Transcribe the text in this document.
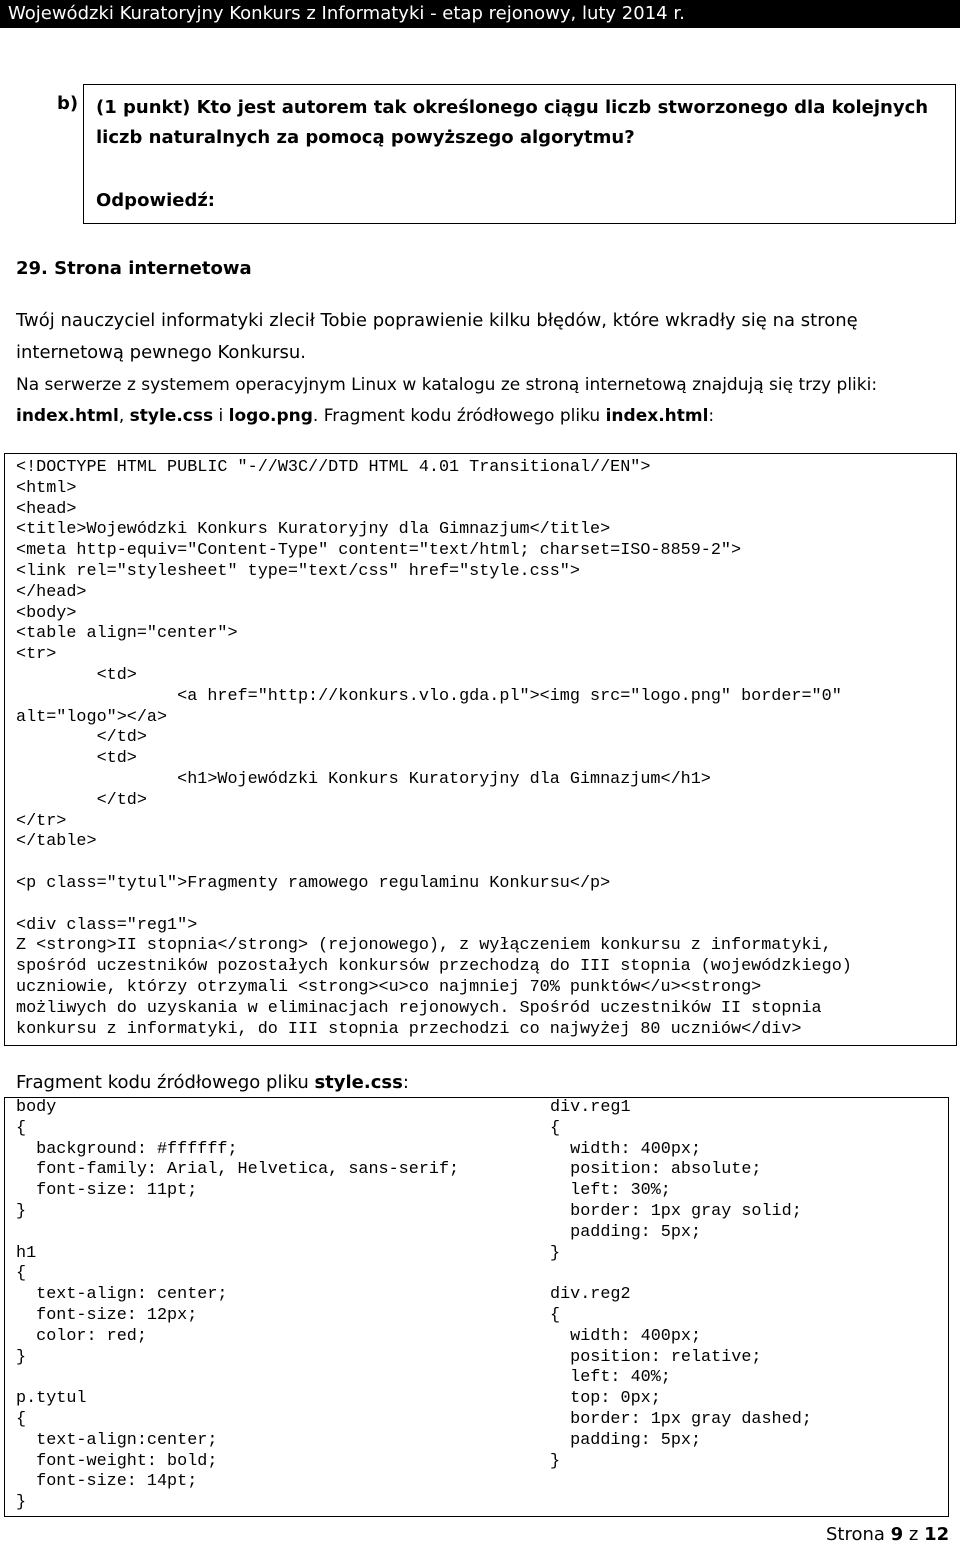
Wojewódzki Kuratoryjny Konkurs z Informatyki - etap rejonowy, luty 2014 r.
b) (1 punkt) Kto jest autorem tak określonego ciągu liczb stworzonego dla kolejnych liczb naturalnych za pomocą powyższego algorytmu?
Odpowiedź:
29. Strona internetowa
Twój nauczyciel informatyki zlecił Tobie poprawienie kilku błędów, które wkradły się na stronę
internetową pewnego Konkursu.
Na serwerze z systemem operacyjnym Linux w katalogu ze stroną internetową znajdują się trzy pliki:
index.html, style.css i logo.png. Fragment kodu źródłowego pliku index.html:
<!DOCTYPE HTML PUBLIC "-//W3C//DTD HTML 4.01 Transitional//EN">
<html>
<head>
<title>Wojewódzki Konkurs Kuratoryjny dla Gimnazjum</title>
<meta http-equiv="Content-Type" content="text/html; charset=ISO-8859-2">
<link rel="stylesheet" type="text/css" href="style.css">
</head>
<body>
<table align="center">
<tr>
<td>
<a href="http://konkurs.vlo.gda.pl"><img src="logo.png" border="0"
alt="logo"></a>
</td>
<td>
<h1>Wojewódzki Konkurs Kuratoryjny dla Gimnazjum</h1>
</td>
</tr>
</table>

<p class="tytul">Fragmenty ramowego regulaminu Konkursu</p>

<div class="reg1">
Z <strong>II stopnia</strong> (rejonowego), z wyłączeniem konkursu z informatyki,
spośród uczestników pozostałych konkursów przechodzą do III stopnia (wojewódzkiego)
uczniowie, którzy otrzymali <strong><u>co najmniej 70% punktów</u><strong>
możliwych do uzyskania w eliminacjach rejonowych. Spośród uczestników II stopnia
konkursu z informatyki, do III stopnia przechodzi co najwyżej 80 uczniów</div>
Fragment kodu źródłowego pliku style.css:
body
{
background: #ffffff;
font-family: Arial, Helvetica, sans-serif;
font-size: 11pt;
}

h1
{
text-align: center;
font-size: 12px;
color: red;
}

p.tytul
{
text-align:center;
font-weight: bold;
font-size: 14pt;
}
div.reg1
{
width: 400px;
position: absolute;
left: 30%;
border: 1px gray solid;
padding: 5px;
}

div.reg2
{
width: 400px;
position: relative;
left: 40%;
top: 0px;
border: 1px gray dashed;
padding: 5px;
}
Strona 9 z 12
